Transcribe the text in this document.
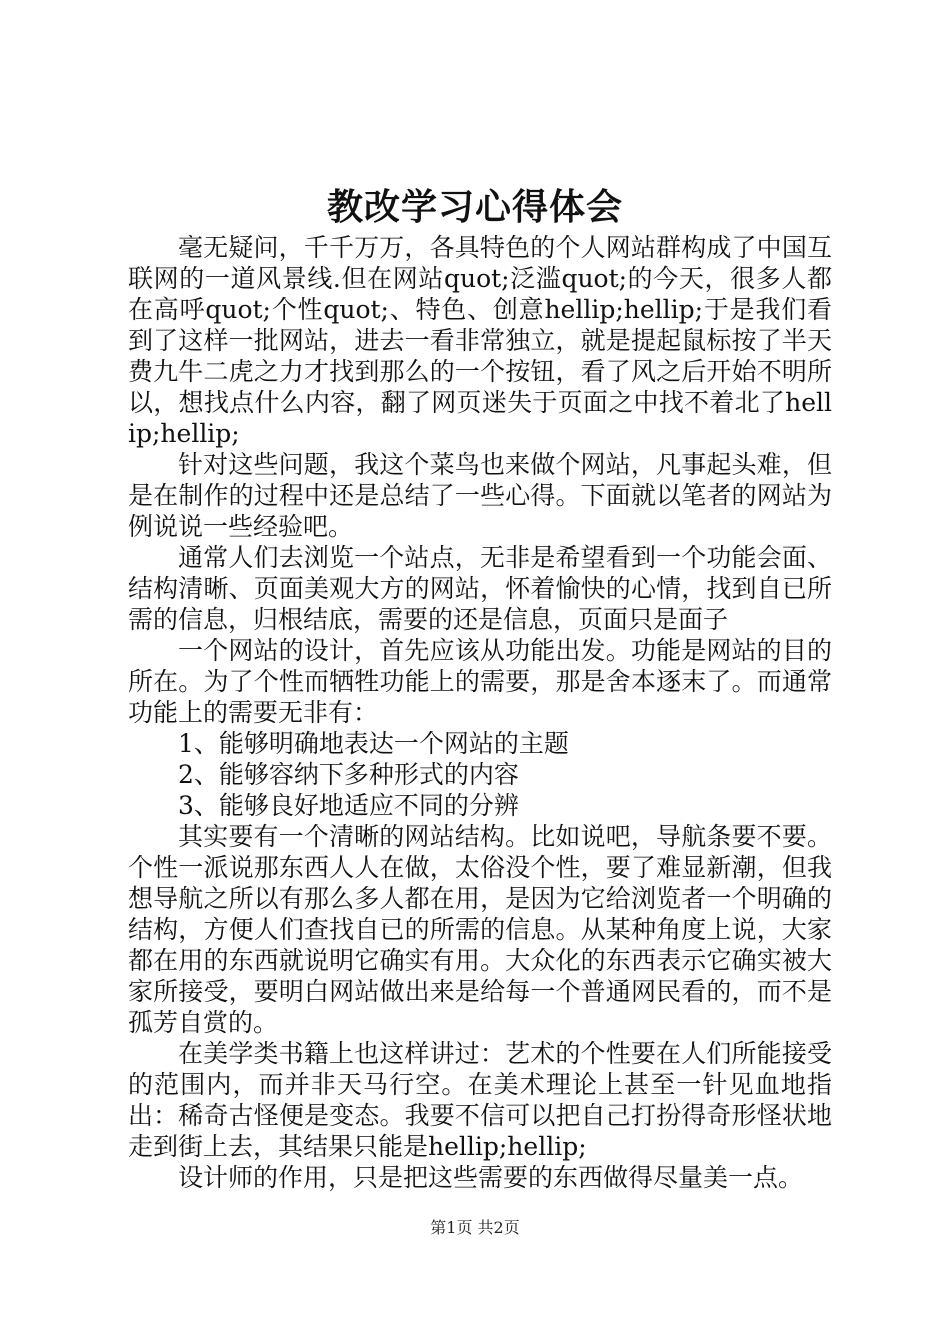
教改学习心得体会

毫无疑问，千千万万，各具特色的个人网站群构成了中国互联网的一道风景线.但在网站quot;泛滥quot;的今天，很多人都在高呼quot;个性quot;、特色、创意hellip;hellip;于是我们看到了这样一批网站，进去一看非常独立，就是提起鼠标按了半天费九牛二虎之力才找到那么的一个按钮，看了风之后开始不明所以，想找点什么内容，翻了网页迷失于页面之中找不着北了hellip;hellip;

针对这些问题，我这个菜鸟也来做个网站，凡事起头难，但是在制作的过程中还是总结了一些心得。下面就以笔者的网站为例说说一些经验吧。

通常人们去浏览一个站点，无非是希望看到一个功能会面、结构清晰、页面美观大方的网站，怀着愉快的心情，找到自已所需的信息，归根结底，需要的还是信息，页面只是面子

一个网站的设计，首先应该从功能出发。功能是网站的目的所在。为了个性而牺牲功能上的需要，那是舍本逐末了。而通常功能上的需要无非有：

1、能够明确地表达一个网站的主题

2、能够容纳下多种形式的内容

3、能够良好地适应不同的分辨

其实要有一个清晰的网站结构。比如说吧，导航条要不要。个性一派说那东西人人在做，太俗没个性，要了难显新潮，但我想导航之所以有那么多人都在用，是因为它给浏览者一个明确的结构，方便人们查找自已的所需的信息。从某种角度上说，大家都在用的东西就说明它确实有用。大众化的东西表示它确实被大家所接受，要明白网站做出来是给每一个普通网民看的，而不是孤芳自赏的。

在美学类书籍上也这样讲过：艺术的个性要在人们所能接受的范围内，而并非天马行空。在美术理论上甚至一针见血地指出：稀奇古怪便是变态。我要不信可以把自己打扮得奇形怪状地走到街上去，其结果只能是hellip;hellip;

设计师的作用，只是把这些需要的东西做得尽量美一点。

第1页 共2页
